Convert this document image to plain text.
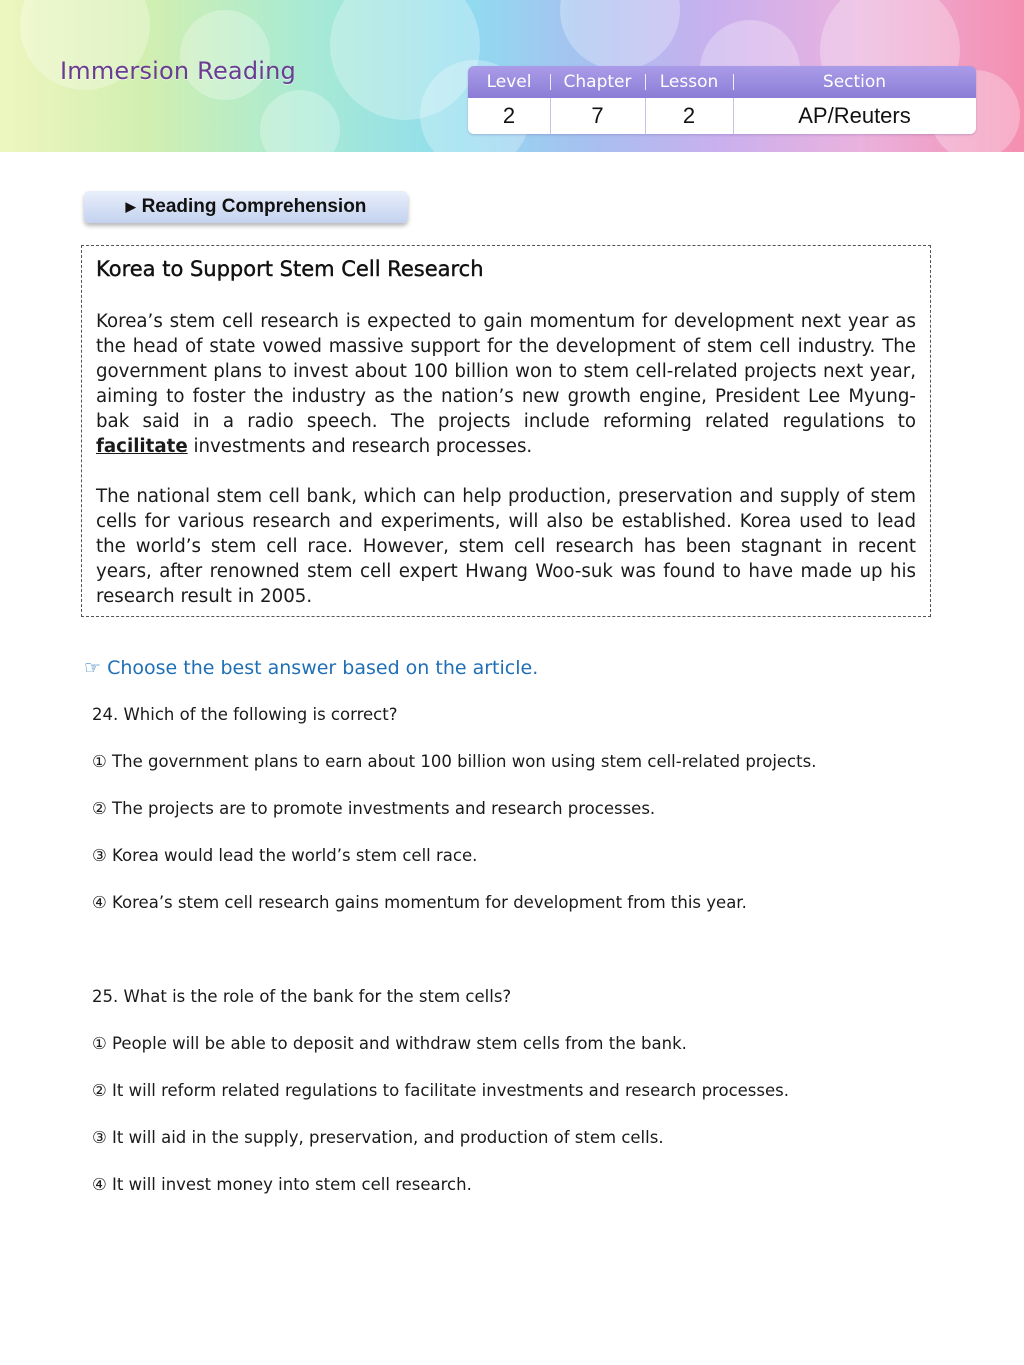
Immersion Reading	Level	Chapter	Lesson	Section
2	7	2	AP/Reuters
▶ Reading Comprehension
Korea to Support Stem Cell Research

Korea’s stem cell research is expected to gain momentum for development next year as the head of state vowed massive support for the development of stem cell industry. The government plans to invest about 100 billion won to stem cell-related projects next year, aiming to foster the industry as the nation’s new growth engine, President Lee Myung-bak said in a radio speech. The projects include reforming related regulations to facilitate investments and research processes.

The national stem cell bank, which can help production, preservation and supply of stem cells for various research and experiments, will also be established. Korea used to lead the world’s stem cell race. However, stem cell research has been stagnant in recent years, after renowned stem cell expert Hwang Woo-suk was found to have made up his research result in 2005.

☞ Choose the best answer based on the article.
24. Which of the following is correct?
① The government plans to earn about 100 billion won using stem cell-related projects.
② The projects are to promote investments and research processes.
③ Korea would lead the world’s stem cell race.
④ Korea’s stem cell research gains momentum for development from this year.
25. What is the role of the bank for the stem cells?
① People will be able to deposit and withdraw stem cells from the bank.
② It will reform related regulations to facilitate investments and research processes.
③ It will aid in the supply, preservation, and production of stem cells.
④ It will invest money into stem cell research.
